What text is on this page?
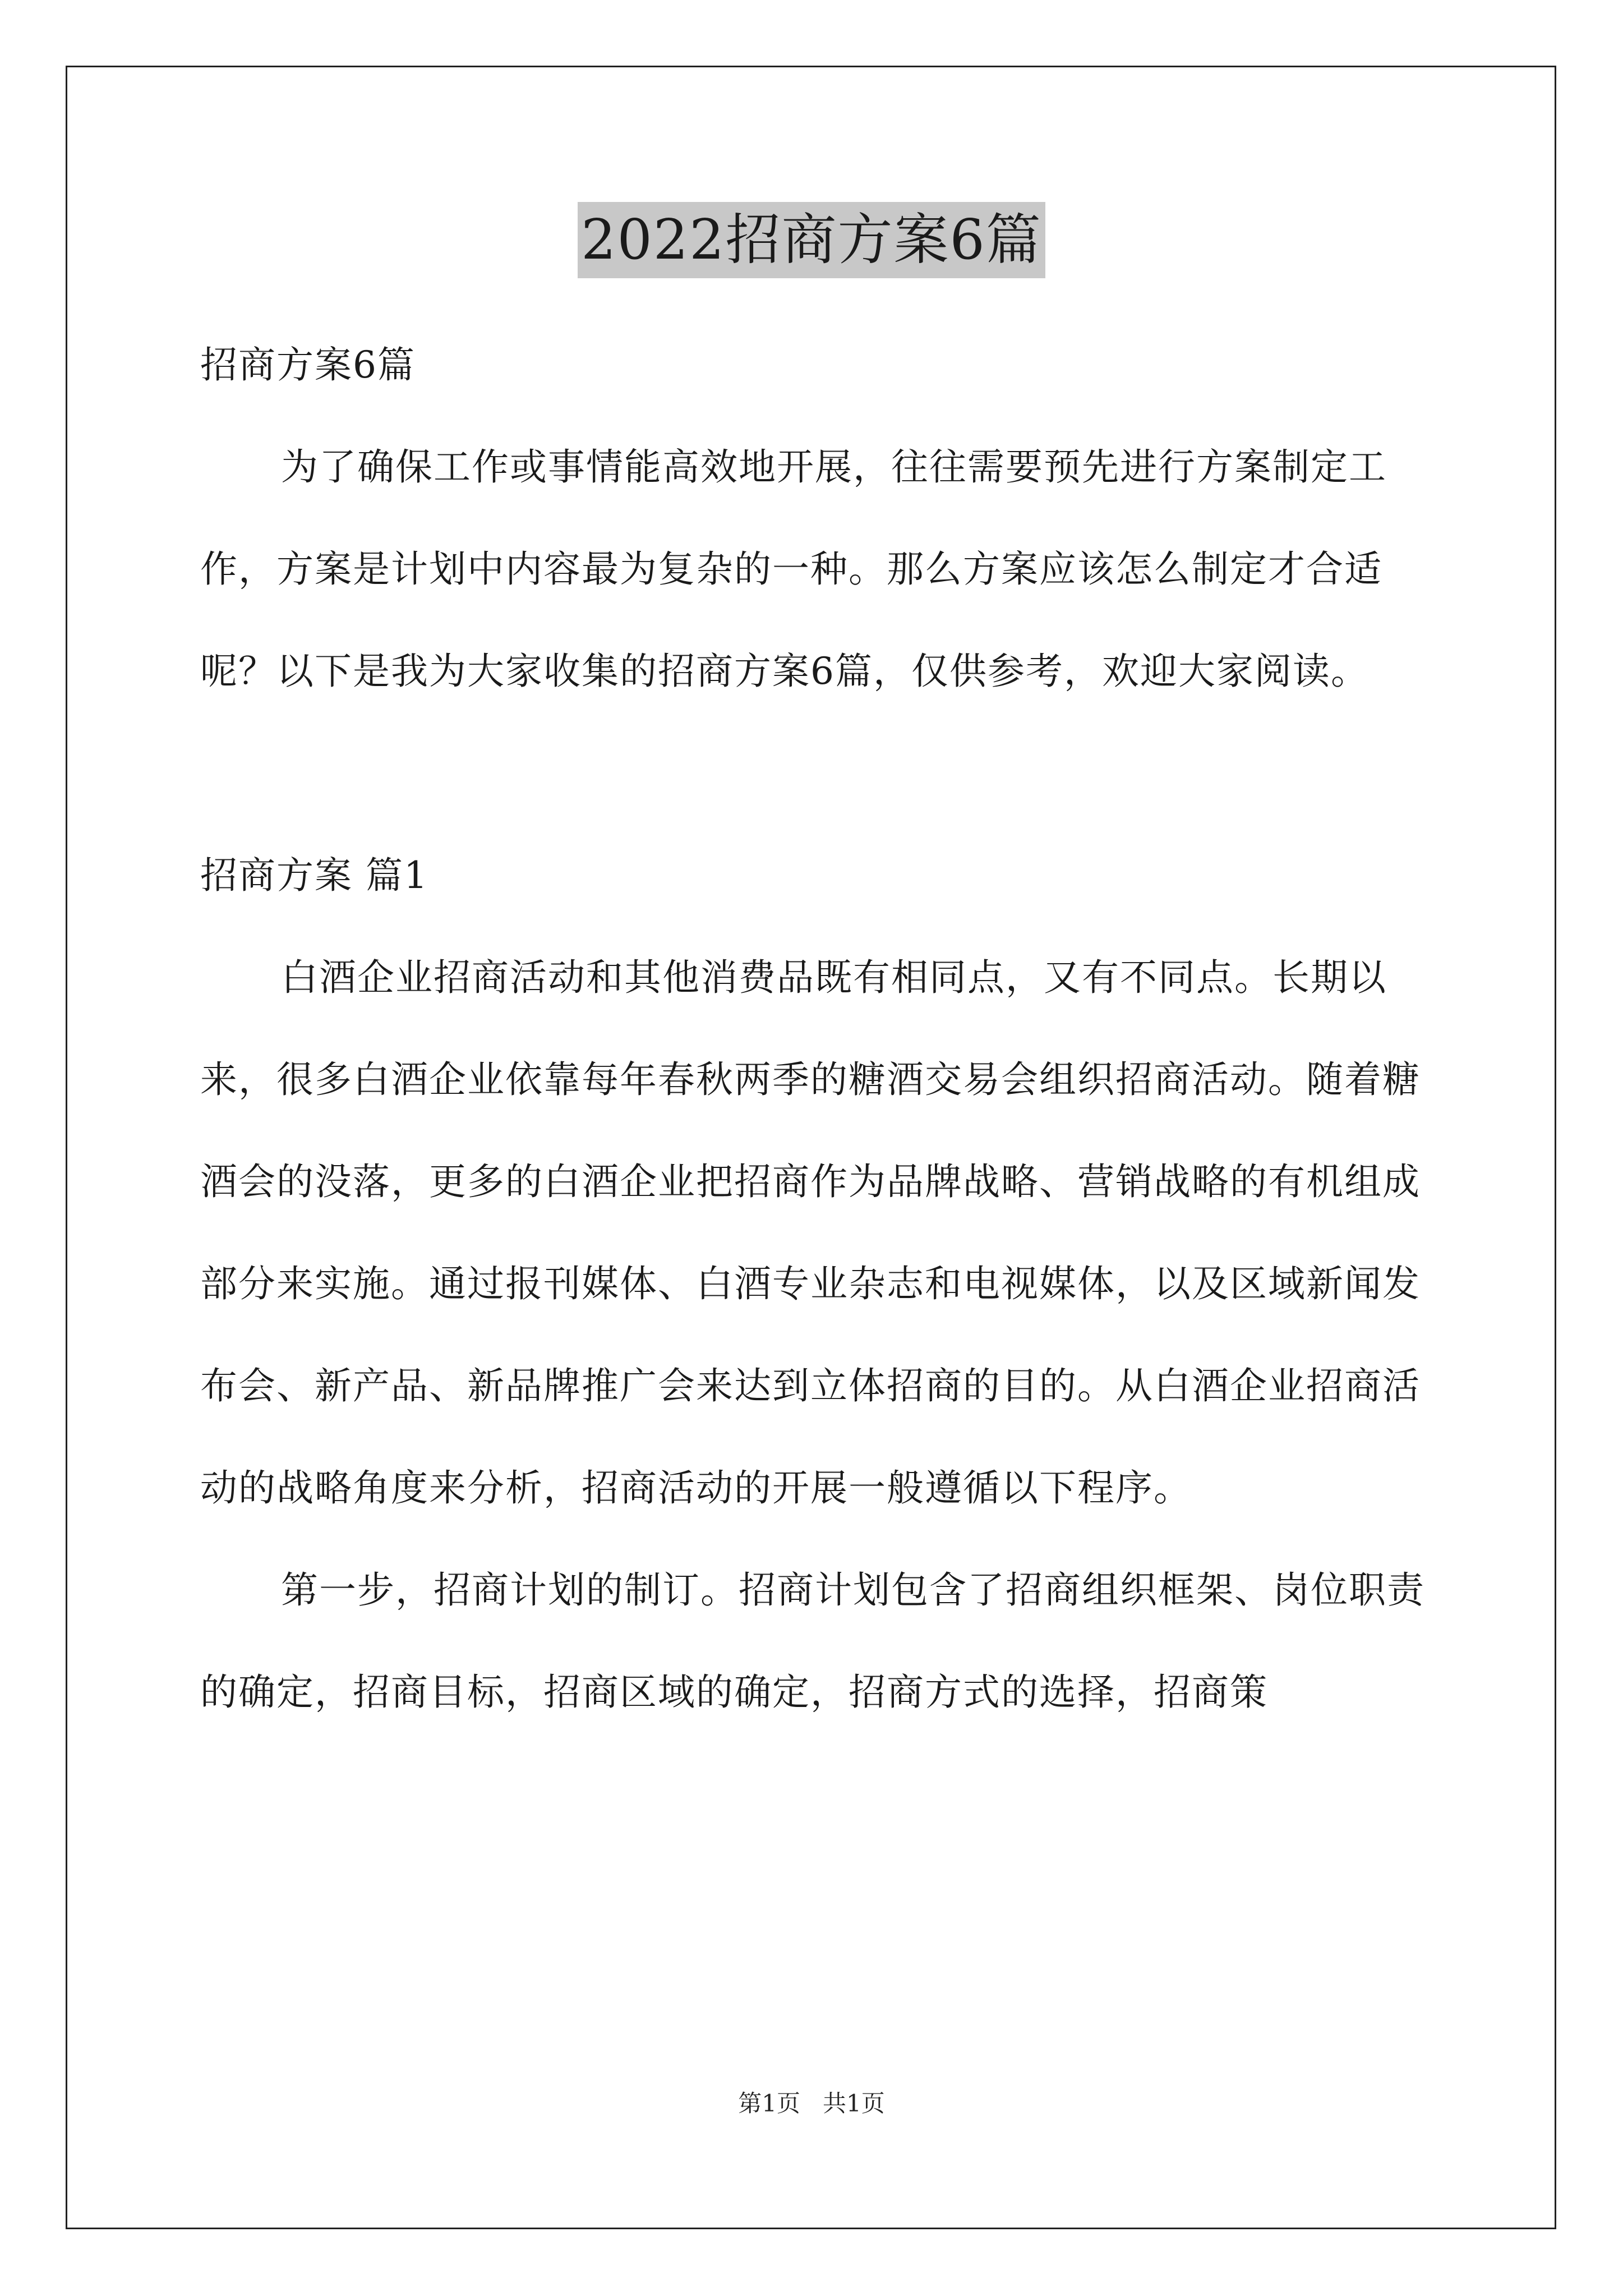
2022招商方案6篇

招商方案6篇

为了确保工作或事情能高效地开展，往往需要预先进行方案制定工作，方案是计划中内容最为复杂的一种。那么方案应该怎么制定才合适呢？以下是我为大家收集的招商方案6篇，仅供参考，欢迎大家阅读。

招商方案 篇1

白酒企业招商活动和其他消费品既有相同点，又有不同点。长期以来，很多白酒企业依靠每年春秋两季的糖酒交易会组织招商活动。随着糖酒会的没落，更多的白酒企业把招商作为品牌战略、营销战略的有机组成部分来实施。通过报刊媒体、白酒专业杂志和电视媒体，以及区域新闻发布会、新产品、新品牌推广会来达到立体招商的目的。从白酒企业招商活动的战略角度来分析，招商活动的开展一般遵循以下程序。

第一步，招商计划的制订。招商计划包含了招商组织框架、岗位职责的确定，招商目标，招商区域的确定，招商方式的选择，招商策

第1页 共1页
